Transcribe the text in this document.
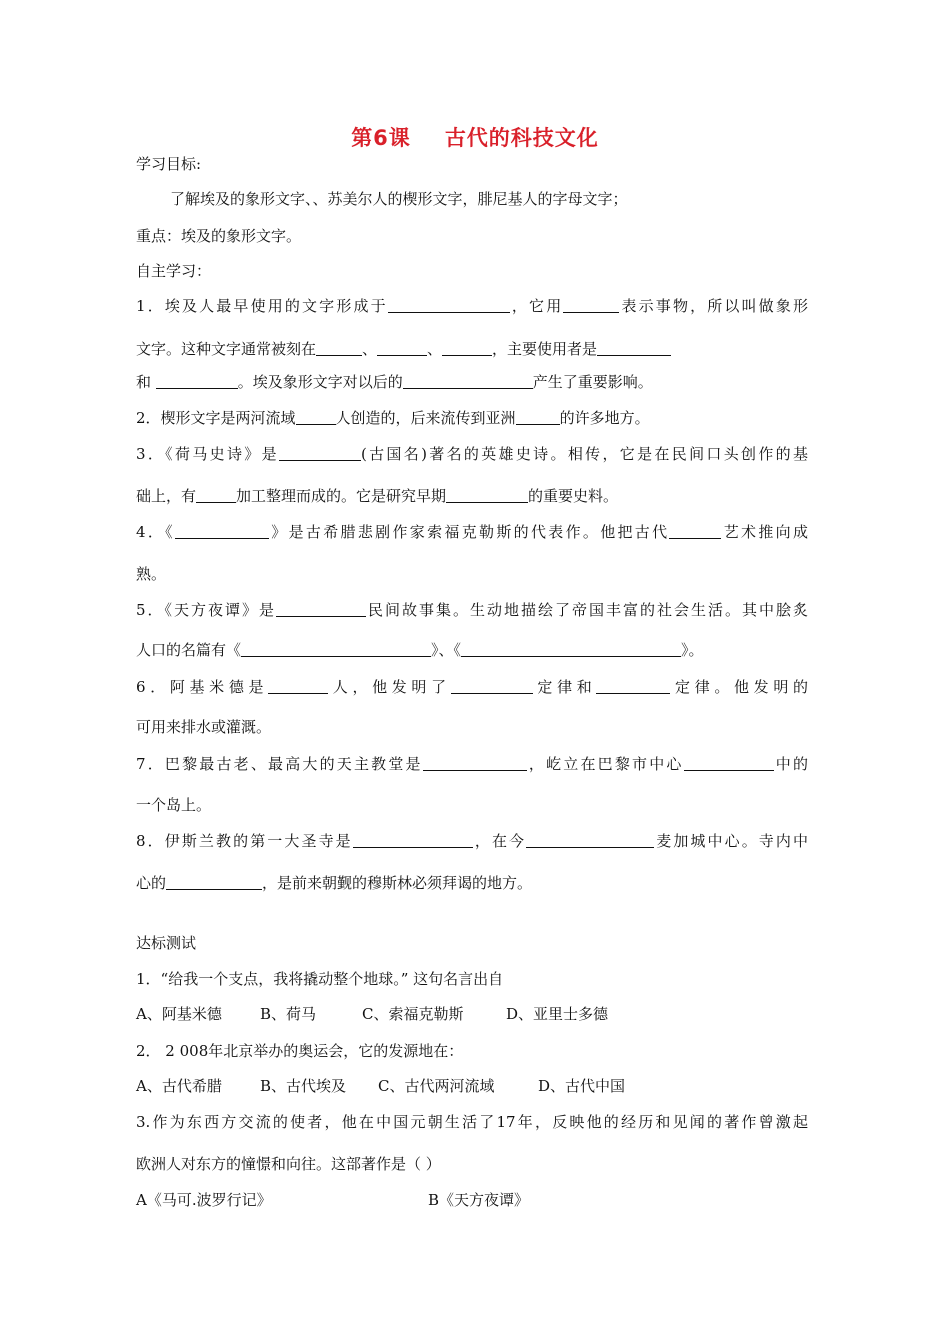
第6课 古代的科技文化
学习目标:
了解埃及的象形文字、、苏美尔人的楔形文字，腓尼基人的字母文字；
重点：埃及的象形文字。
自主学习：
1．埃及人最早使用的文字形成于	，它用	表示事物，所以叫做象形
文字。这种文字通常被刻在	、	、	，主要使用者是
和	。埃及象形文字对以后的	产生了重要影响。
2．楔形文字是两河流域	人创造的，后来流传到亚洲	的许多地方。
3．《荷马史诗》是	(古国名)著名的英雄史诗。相传，它是在民间口头创作的基
础上，有	加工整理而成的。它是研究早期	的重要史料。
4．《	》是古希腊悲剧作家索福克勒斯的代表作。他把古代	艺术推向成
熟。
5．《天方夜谭》是	民间故事集。生动地描绘了帝国丰富的社会生活。其中脍炙
人口的名篇有《	》、《	》。
6．阿基米德是	人，他发明了	定律和	定律。他发明的
可用来排水或灌溉。
7．巴黎最古老、最高大的天主教堂是	，屹立在巴黎市中心	中的
一个岛上。
8．伊斯兰教的第一大圣寺是	，在今	麦加城中心。寺内中
心的	，是前来朝觐的穆斯林必须拜谒的地方。
达标测试
1．“给我一个支点，我将撬动整个地球。” 这句名言出自
A、阿基米德	B、荷马	C、索福克勒斯	D、亚里士多德
2． 2 008年北京举办的奥运会，它的发源地在：
A、古代希腊	B、古代埃及 C、古代两河流域	D、古代中国
3.作为东西方交流的使者，他在中国元朝生活了17年，反映他的经历和见闻的著作曾激起
欧洲人对东方的憧憬和向往。这部著作是（ ）
A《马可.波罗行记》	B《天方夜谭》
